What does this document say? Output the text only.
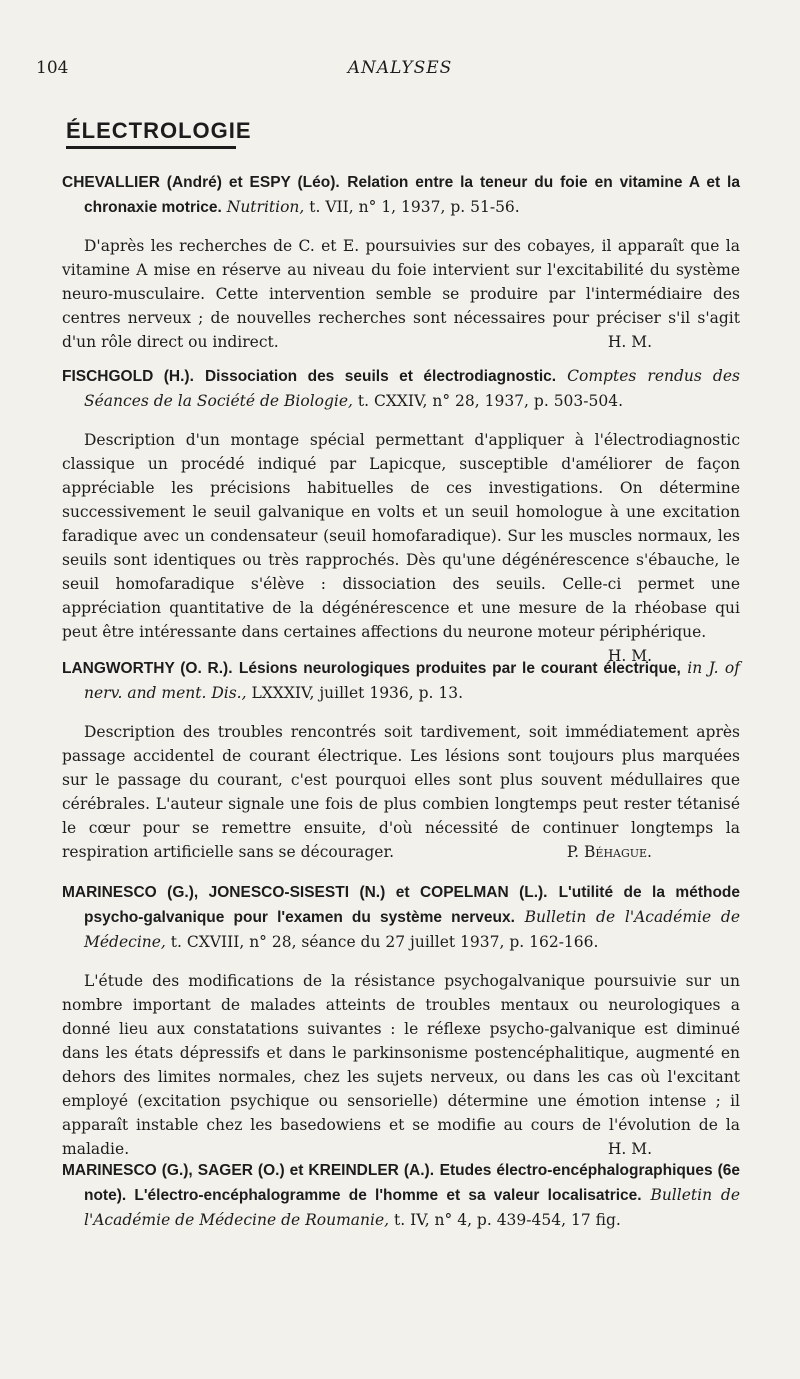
104	ANALYSES
ÉLECTROLOGIE

CHEVALLIER (André) et ESPY (Léo). Relation entre la teneur du foie en vitamine A et la chronaxie motrice. Nutrition, t. VII, n° 1, 1937, p. 51-56.

D'après les recherches de C. et E. poursuivies sur des cobayes, il apparaît que la vitamine A mise en réserve au niveau du foie intervient sur l'excitabilité du système neuro-musculaire. Cette intervention semble se produire par l'intermédiaire des centres nerveux ; de nouvelles recherches sont nécessaires pour préciser s'il s'agit d'un rôle direct ou indirect.	H. M.

FISCHGOLD (H.). Dissociation des seuils et électrodiagnostic. Comptes rendus des Séances de la Société de Biologie, t. CXXIV, n° 28, 1937, p. 503-504.

Description d'un montage spécial permettant d'appliquer à l'électrodiagnostic classique un procédé indiqué par Lapicque, susceptible d'améliorer de façon appréciable les précisions habituelles de ces investigations. On détermine successivement le seuil galvanique en volts et un seuil homologue à une excitation faradique avec un condensateur (seuil homofaradique). Sur les muscles normaux, les seuils sont identiques ou très rapprochés. Dès qu'une dégénérescence s'ébauche, le seuil homofaradique s'élève : dissociation des seuils. Celle-ci permet une appréciation quantitative de la dégénérescence et une mesure de la rhéobase qui peut être intéressante dans certaines affections du neurone moteur périphérique.
H. M.

LANGWORTHY (O. R.). Lésions neurologiques produites par le courant électrique, in J. of nerv. and ment. Dis., LXXXIV, juillet 1936, p. 13.

Description des troubles rencontrés soit tardivement, soit immédiatement après passage accidentel de courant électrique. Les lésions sont toujours plus marquées sur le passage du courant, c'est pourquoi elles sont plus souvent médullaires que cérébrales. L'auteur signale une fois de plus combien longtemps peut rester tétanisé le cœur pour se remettre ensuite, d'où nécessité de continuer longtemps la respiration artificielle sans se décourager.	P. Béhague.

MARINESCO (G.), JONESCO-SISESTI (N.) et COPELMAN (L.). L'utilité de la méthode psycho-galvanique pour l'examen du système nerveux. Bulletin de l'Académie de Médecine, t. CXVIII, n° 28, séance du 27 juillet 1937, p. 162-166.

L'étude des modifications de la résistance psychogalvanique poursuivie sur un nombre important de malades atteints de troubles mentaux ou neurologiques a donné lieu aux constatations suivantes : le réflexe psycho-galvanique est diminué dans les états dépressifs et dans le parkinsonisme postencéphalitique, augmenté en dehors des limites normales, chez les sujets nerveux, ou dans les cas où l'excitant employé (excitation psychique ou sensorielle) détermine une émotion intense ; il apparaît instable chez les basedowiens et se modifie au cours de l'évolution de la maladie.	H. M.

MARINESCO (G.), SAGER (O.) et KREINDLER (A.). Etudes électro-encéphalographiques (6e note). L'électro-encéphalogramme de l'homme et sa valeur localisatrice. Bulletin de l'Académie de Médecine de Roumanie, t. IV, n° 4, p. 439-454, 17 fig.
